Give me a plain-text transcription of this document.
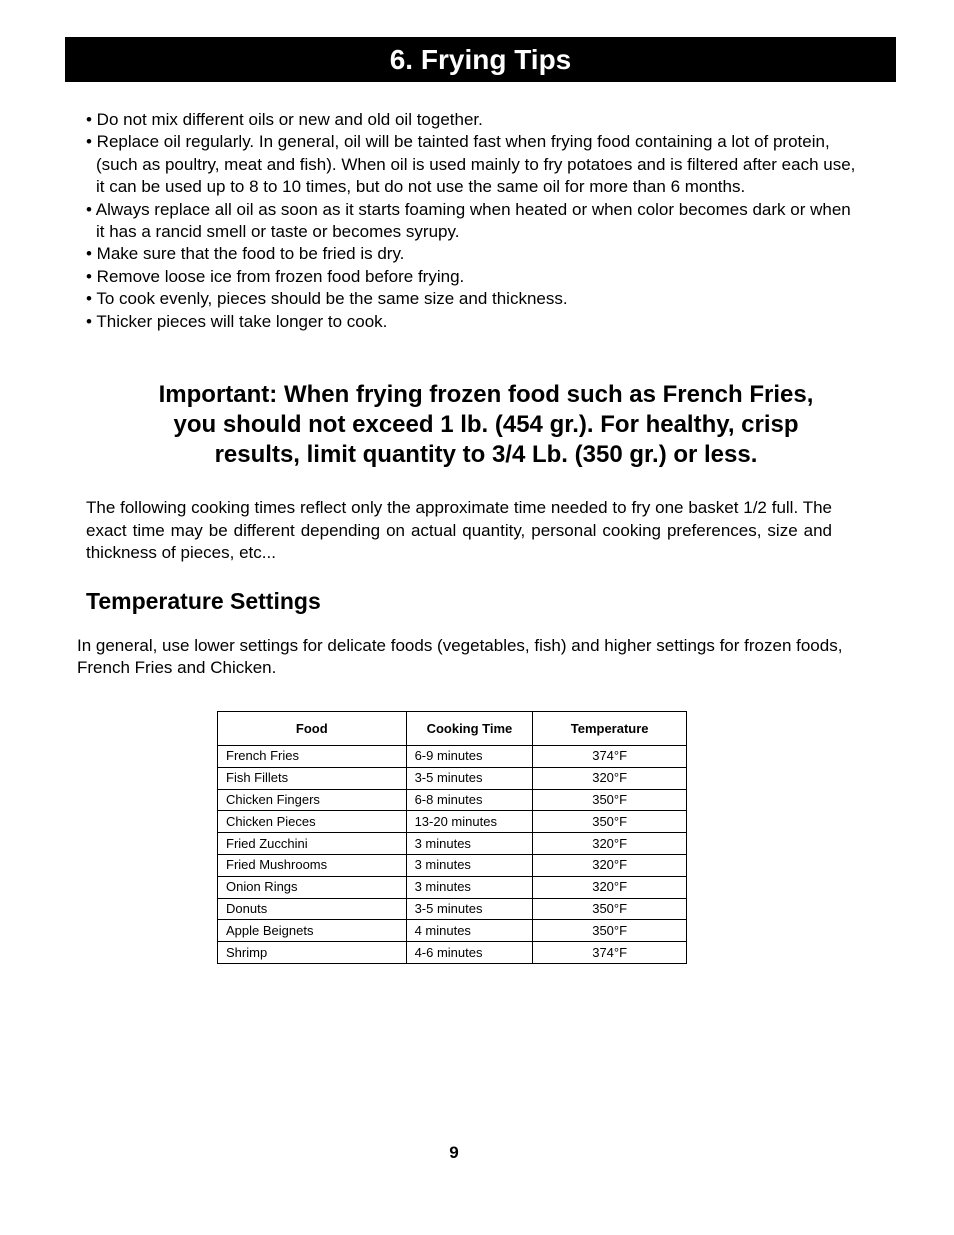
6. Frying Tips
• Do not mix different oils or new and old oil together.
• Replace oil regularly. In general, oil will be tainted fast when frying food containing a lot of protein, (such as poultry, meat and fish). When oil is used mainly to fry potatoes and is filtered after each use, it can be used up to 8 to 10 times, but do not use the same oil for more than 6 months.
• Always replace all oil as soon as it starts foaming when heated or when color becomes dark or when it has a rancid smell or taste or becomes syrupy.
• Make sure that the food to be fried is dry.
• Remove loose ice from frozen food before frying.
• To cook evenly, pieces should be the same size and thickness.
• Thicker pieces will take longer to cook.
Important: When frying frozen food such as French Fries,
you should not exceed 1 lb. (454 gr.). For healthy, crisp
results, limit quantity to 3/4 Lb. (350 gr.) or less.

The following cooking times reflect only the approximate time needed to fry one basket 1/2 full. The exact time may be different depending on actual quantity, personal cooking preferences, size and thickness of pieces, etc...

Temperature Settings

In general, use lower settings for delicate foods (vegetables, fish) and higher settings for frozen foods, French Fries and Chicken.

Food	Cooking Time	Temperature
French Fries	6-9 minutes	374°F
Fish Fillets	3-5 minutes	320°F
Chicken Fingers	6-8 minutes	350°F
Chicken Pieces	13-20 minutes	350°F
Fried Zucchini	3 minutes	320°F
Fried Mushrooms	3 minutes	320°F
Onion Rings	3 minutes	320°F
Donuts	3-5 minutes	350°F
Apple Beignets	4 minutes	350°F
Shrimp	4-6 minutes	374°F
9
